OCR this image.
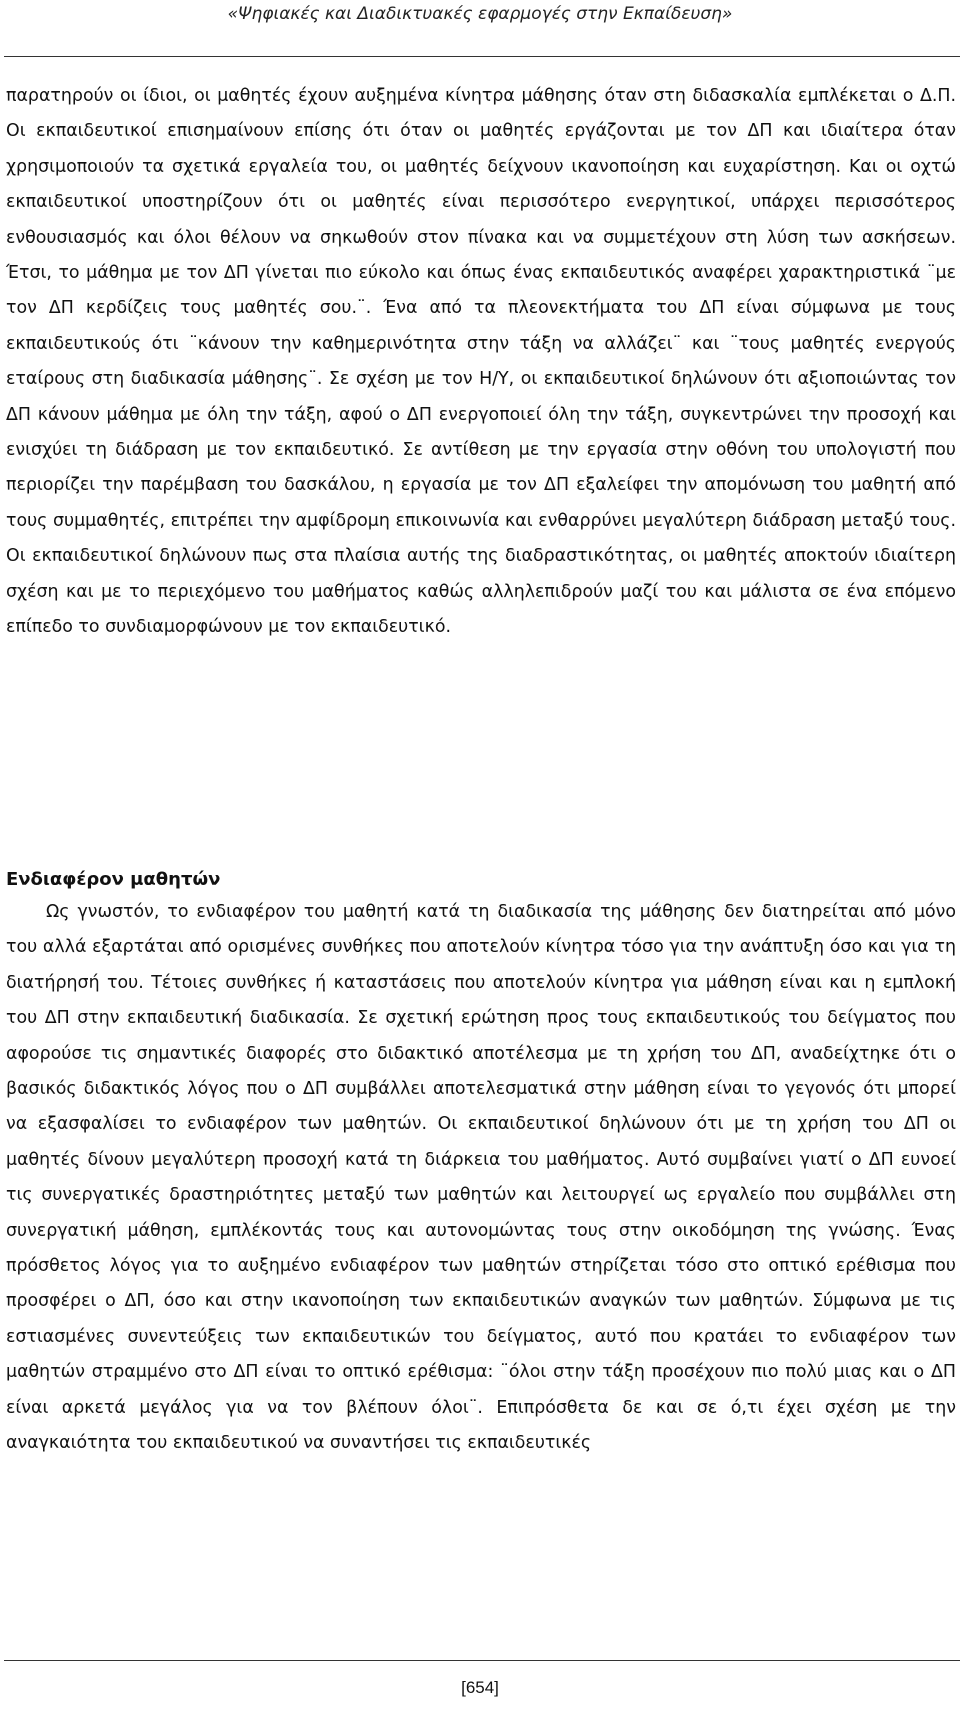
«Ψηφιακές και Διαδικτυακές εφαρμογές στην Εκπαίδευση»

παρατηρούν οι ίδιοι, οι μαθητές έχουν αυξημένα κίνητρα μάθησης όταν στη διδασκαλία εμπλέκεται ο Δ.Π. Οι εκπαιδευτικοί επισημαίνουν επίσης ότι όταν οι μαθητές εργάζονται με τον ΔΠ και ιδιαίτερα όταν χρησιμοποιούν τα σχετικά εργαλεία του, οι μαθητές δείχνουν ικανοποίηση και ευχαρίστηση. Και οι οχτώ εκπαιδευτικοί υποστηρίζουν ότι οι μαθητές είναι περισσότερο ενεργητικοί, υπάρχει περισσότερος ενθουσιασμός και όλοι θέλουν να σηκωθούν στον πίνακα και να συμμετέχουν στη λύση των ασκήσεων. Έτσι, το μάθημα με τον ΔΠ γίνεται πιο εύκολο και όπως ένας εκπαιδευτικός αναφέρει χαρακτηριστικά ¨με τον ΔΠ κερδίζεις τους μαθητές σου.¨. Ένα από τα πλεονεκτήματα του ΔΠ είναι σύμφωνα με τους εκπαιδευτικούς ότι ¨κάνουν την καθημερινότητα στην τάξη να αλλάζει¨ και ¨τους μαθητές ενεργούς εταίρους στη διαδικασία μάθησης¨. Σε σχέση με τον Η/Υ, οι εκπαιδευτικοί δηλώνουν ότι αξιοποιώντας τον ΔΠ κάνουν μάθημα με όλη την τάξη, αφού ο ΔΠ ενεργοποιεί όλη την τάξη, συγκεντρώνει την προσοχή και ενισχύει τη διάδραση με τον εκπαιδευτικό. Σε αντίθεση με την εργασία στην οθόνη του υπολογιστή που περιορίζει την παρέμβαση του δασκάλου, η εργασία με τον ΔΠ εξαλείφει την απομόνωση του μαθητή από τους συμμαθητές, επιτρέπει την αμφίδρομη επικοινωνία και ενθαρρύνει μεγαλύτερη διάδραση μεταξύ τους. Οι εκπαιδευτικοί δηλώνουν πως στα πλαίσια αυτής της διαδραστικότητας, οι μαθητές αποκτούν ιδιαίτερη σχέση και με το περιεχόμενο του μαθήματος καθώς αλληλεπιδρούν μαζί του και μάλιστα σε ένα επόμενο επίπεδο το συνδιαμορφώνουν με τον εκπαιδευτικό.

Ενδιαφέρον μαθητών

Ως γνωστόν, το ενδιαφέρον του μαθητή κατά τη διαδικασία της μάθησης δεν διατηρείται από μόνο του αλλά εξαρτάται από ορισμένες συνθήκες που αποτελούν κίνητρα τόσο για την ανάπτυξη όσο και για τη διατήρησή του. Τέτοιες συνθήκες ή καταστάσεις που αποτελούν κίνητρα για μάθηση είναι και η εμπλοκή του ΔΠ στην εκπαιδευτική διαδικασία. Σε σχετική ερώτηση προς τους εκπαιδευτικούς του δείγματος που αφορούσε τις σημαντικές διαφορές στο διδακτικό αποτέλεσμα με τη χρήση του ΔΠ, αναδείχτηκε ότι ο βασικός διδακτικός λόγος που ο ΔΠ συμβάλλει αποτελεσματικά στην μάθηση είναι το γεγονός ότι μπορεί να εξασφαλίσει το ενδιαφέρον των μαθητών. Οι εκπαιδευτικοί δηλώνουν ότι με τη χρήση του ΔΠ οι μαθητές δίνουν μεγαλύτερη προσοχή κατά τη διάρκεια του μαθήματος. Αυτό συμβαίνει γιατί ο ΔΠ ευνοεί τις συνεργατικές δραστηριότητες μεταξύ των μαθητών και λειτουργεί ως εργαλείο που συμβάλλει στη συνεργατική μάθηση, εμπλέκοντάς τους και αυτονομώντας τους στην οικοδόμηση της γνώσης. Ένας πρόσθετος λόγος για το αυξημένο ενδιαφέρον των μαθητών στηρίζεται τόσο στο οπτικό ερέθισμα που προσφέρει ο ΔΠ, όσο και στην ικανοποίηση των εκπαιδευτικών αναγκών των μαθητών. Σύμφωνα με τις εστιασμένες συνεντεύξεις των εκπαιδευτικών του δείγματος, αυτό που κρατάει το ενδιαφέρον των μαθητών στραμμένο στο ΔΠ είναι το οπτικό ερέθισμα: ¨όλοι στην τάξη προσέχουν πιο πολύ μιας και ο ΔΠ είναι αρκετά μεγάλος για να τον βλέπουν όλοι¨. Επιπρόσθετα δε και σε ό,τι έχει σχέση με την αναγκαιότητα του εκπαιδευτικού να συναντήσει τις εκπαιδευτικές

[654]
